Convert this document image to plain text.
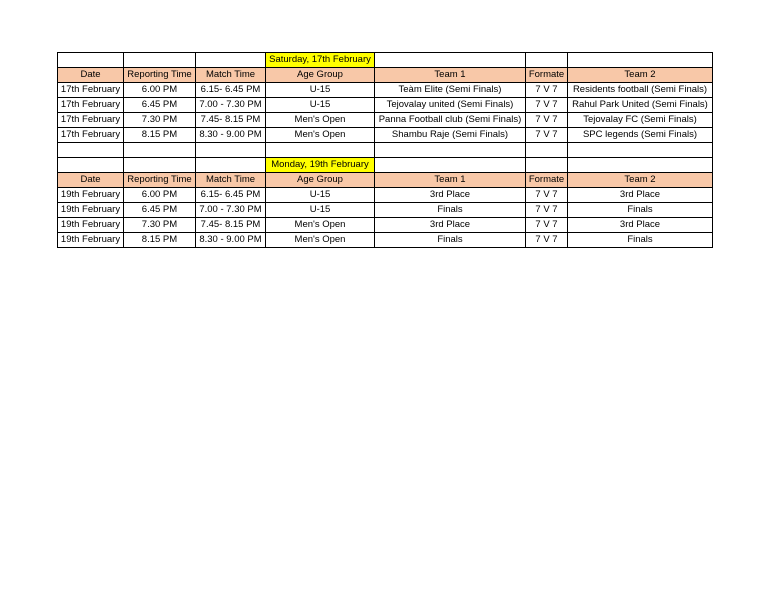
			Saturday, 17th February			
Date	Reporting Time	Match Time	Age Group	Team 1	Formate	Team 2
17th February	6.00 PM	6.15- 6.45 PM	U-15	Teàm Elite (Semi Finals)	7 V 7	Residents football (Semi Finals)
17th February	6.45 PM	7.00 - 7.30 PM	U-15	Tejovalay united (Semi Finals)	7 V 7	Rahul Park United (Semi Finals)
17th February	7.30 PM	7.45- 8.15 PM	Men's Open	Panna Football club (Semi Finals)	7 V 7	Tejovalay FC (Semi Finals)
17th February	8.15 PM	8.30 - 9.00 PM	Men's Open	Shambu Raje (Semi Finals)	7 V 7	SPC legends (Semi Finals)

			Monday, 19th February			
Date	Reporting Time	Match Time	Age Group	Team 1	Formate	Team 2
19th February	6.00 PM	6.15- 6.45 PM	U-15	3rd Place	7 V 7	3rd Place
19th February	6.45 PM	7.00 - 7.30 PM	U-15	Finals	7 V 7	Finals
19th February	7.30 PM	7.45- 8.15 PM	Men's Open	3rd Place	7 V 7	3rd Place
19th February	8.15 PM	8.30 - 9.00 PM	Men's Open	Finals	7 V 7	Finals
